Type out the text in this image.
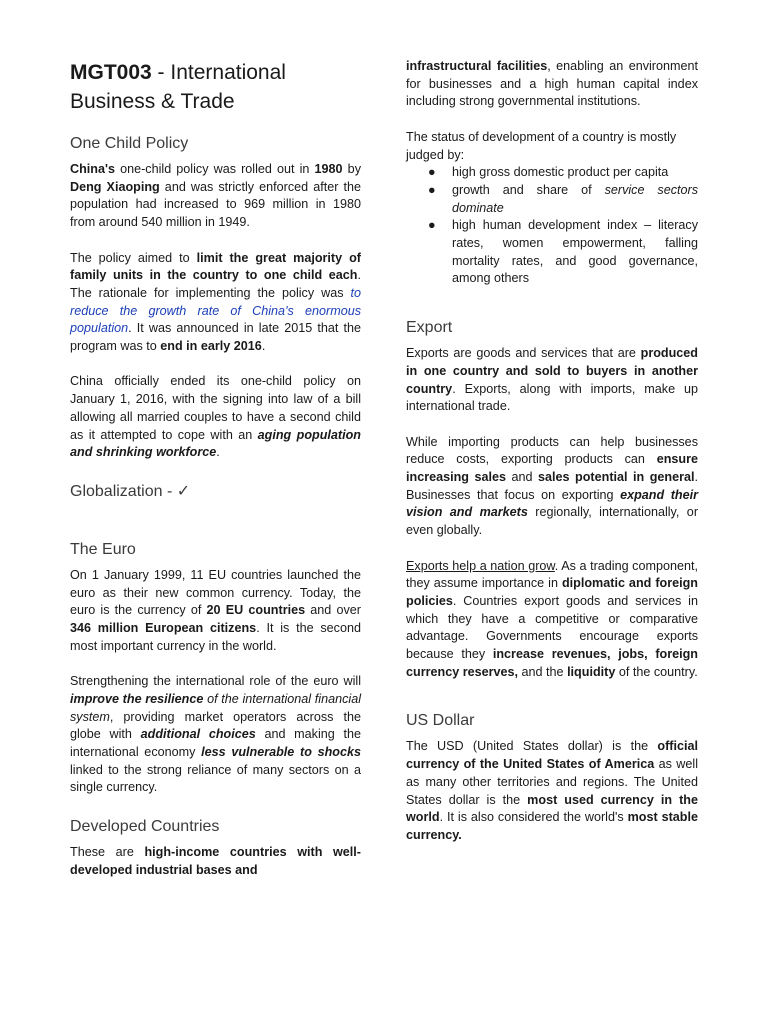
MGT003 - International Business & Trade
One Child Policy

China's one-child policy was rolled out in 1980 by Deng Xiaoping and was strictly enforced after the population had increased to 969 million in 1980 from around 540 million in 1949.

The policy aimed to limit the great majority of family units in the country to one child each. The rationale for implementing the policy was to reduce the growth rate of China's enormous population. It was announced in late 2015 that the program was to end in early 2016.

China officially ended its one-child policy on January 1, 2016, with the signing into law of a bill allowing all married couples to have a second child as it attempted to cope with an aging population and shrinking workforce.

Globalization - ✓
The Euro

On 1 January 1999, 11 EU countries launched the euro as their new common currency. Today, the euro is the currency of 20 EU countries and over 346 million European citizens. It is the second most important currency in the world.

Strengthening the international role of the euro will improve the resilience of the international financial system, providing market operators across the globe with additional choices and making the international economy less vulnerable to shocks linked to the strong reliance of many sectors on a single currency.

Developed Countries

These are high-income countries with well-developed industrial bases and

infrastructural facilities, enabling an environment for businesses and a high human capital index including strong governmental institutions.

The status of development of a country is mostly judged by:

● high gross domestic product per capita
● growth and share of service sectors dominate
● high human development index – literacy rates, women empowerment, falling mortality rates, and good governance, among others
Export

Exports are goods and services that are produced in one country and sold to buyers in another country. Exports, along with imports, make up international trade.

While importing products can help businesses reduce costs, exporting products can ensure increasing sales and sales potential in general. Businesses that focus on exporting expand their vision and markets regionally, internationally, or even globally.

Exports help a nation grow. As a trading component, they assume importance in diplomatic and foreign policies. Countries export goods and services in which they have a competitive or comparative advantage. Governments encourage exports because they increase revenues, jobs, foreign currency reserves, and the liquidity of the country.

US Dollar

The USD (United States dollar) is the official currency of the United States of America as well as many other territories and regions. The United States dollar is the most used currency in the world. It is also considered the world's most stable currency.
